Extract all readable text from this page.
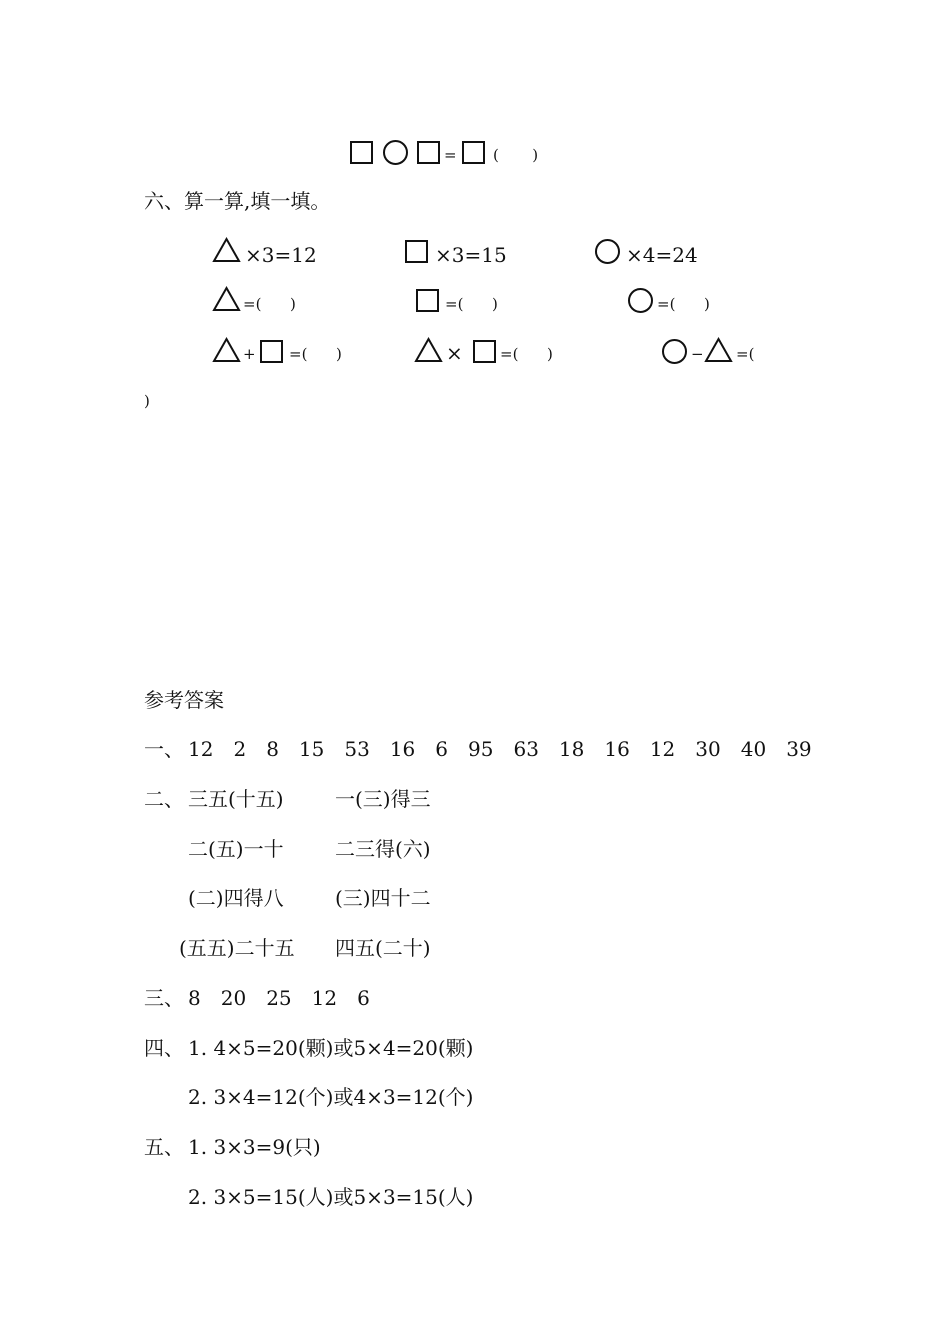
= (       )
六、算一算,填一填。
×3=12	×3=15	×4=24
=(      )	=(      )	=(      )
+ =(      )	× =(      )	− =(
)
参考答案
一、 12 2 8 15 53 16 6 95 63 18 16 12 30 40 39
二、 三五(十五)	一(三)得三
二(五)一十	二三得(六)
(二)四得八	(三)四十二
(五五)二十五 四五(二十)
三、 8 20 25 12 6
四、 1. 4×5=20(颗)或5×4=20(颗)
2. 3×4=12(个)或4×3=12(个)
五、 1. 3×3=9(只)
2. 3×5=15(人)或5×3=15(人)
